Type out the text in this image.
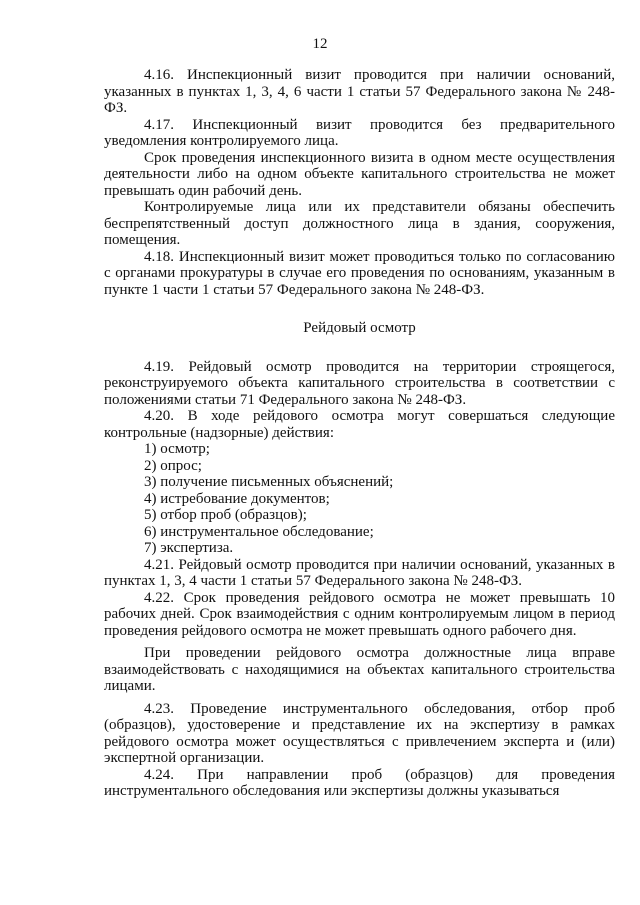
12

4.16. Инспекционный визит проводится при наличии оснований, указанных в пунктах 1, 3, 4, 6 части 1 статьи 57 Федерального закона № 248-ФЗ.

4.17. Инспекционный визит проводится без предварительного уведомления контролируемого лица.

Срок проведения инспекционного визита в одном месте осуществления деятельности либо на одном объекте капитального строительства не может превышать один рабочий день.

Контролируемые лица или их представители обязаны обеспечить беспрепятственный доступ должностного лица в здания, сооружения, помещения.

4.18. Инспекционный визит может проводиться только по согласованию с органами прокуратуры в случае его проведения по основаниям, указанным в пункте 1 части 1 статьи 57 Федерального закона № 248-ФЗ.

Рейдовый осмотр

4.19. Рейдовый осмотр проводится на территории строящегося, реконструируемого объекта капитального строительства в соответствии с положениями статьи 71 Федерального закона № 248-ФЗ.

4.20. В ходе рейдового осмотра могут совершаться следующие контрольные (надзорные) действия:

1) осмотр;

2) опрос;

3) получение письменных объяснений;

4) истребование документов;

5) отбор проб (образцов);

6) инструментальное обследование;

7) экспертиза.

4.21. Рейдовый осмотр проводится при наличии оснований, указанных в пунктах 1, 3, 4 части 1 статьи 57 Федерального закона № 248-ФЗ.

4.22. Срок проведения рейдового осмотра не может превышать 10 рабочих дней. Срок взаимодействия с одним контролируемым лицом в период проведения рейдового осмотра не может превышать одного рабочего дня.

При проведении рейдового осмотра должностные лица вправе взаимодействовать с находящимися на объектах капитального строительства лицами.

4.23. Проведение инструментального обследования, отбор проб (образцов), удостоверение и представление их на экспертизу в рамках рейдового осмотра может осуществляться с привлечением эксперта и (или) экспертной организации.

4.24. При направлении проб (образцов) для проведения инструментального обследования или экспертизы должны указываться
